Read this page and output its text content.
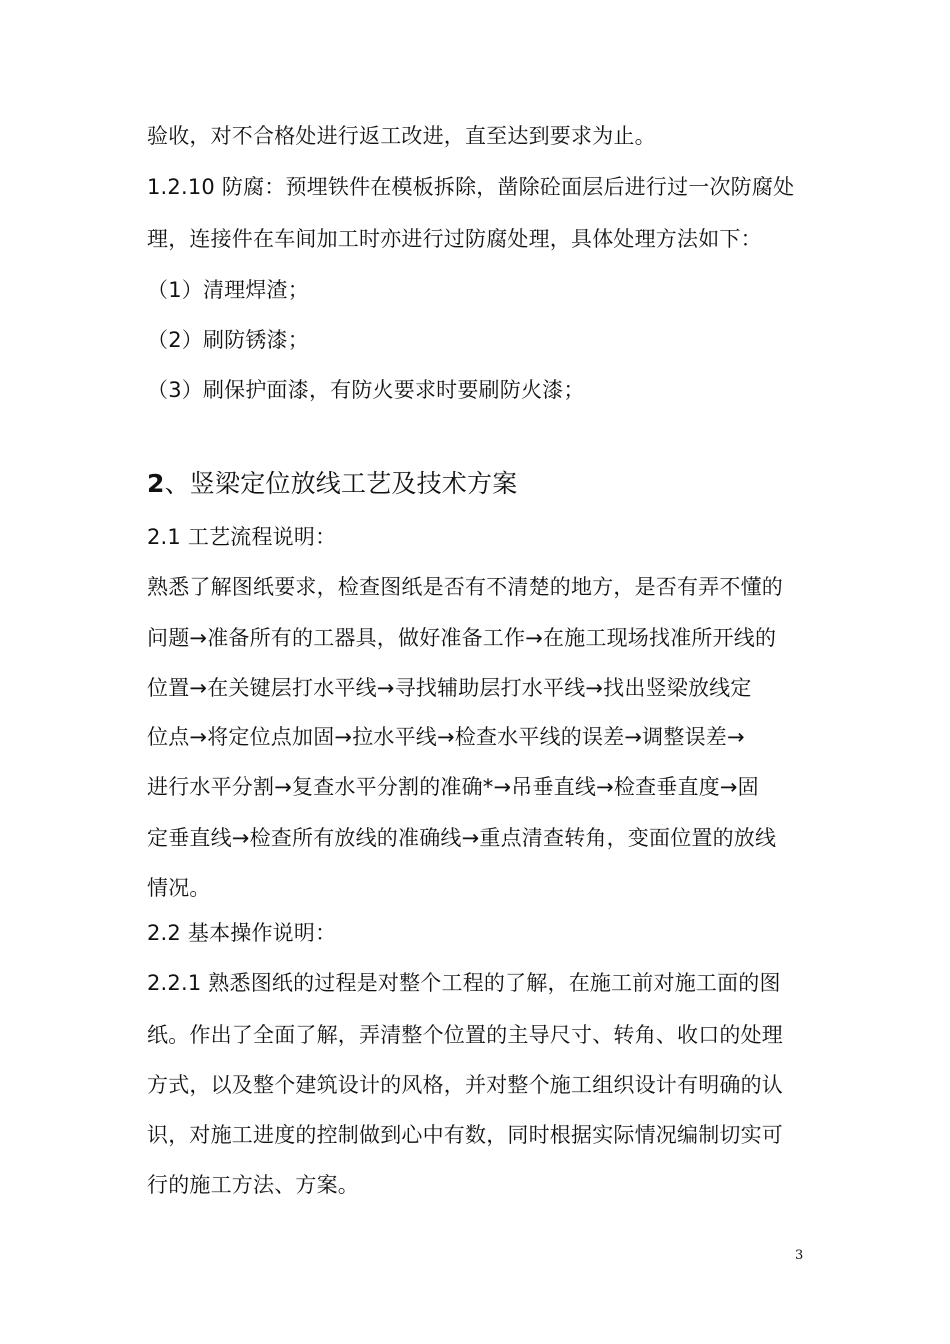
验收，对不合格处进行返工改进，直至达到要求为止。
1.2.10 防腐：预埋铁件在模板拆除，凿除砼面层后进行过一次防腐处
理，连接件在车间加工时亦进行过防腐处理，具体处理方法如下：
（1）清理焊渣；
（2）刷防锈漆；
（3）刷保护面漆，有防火要求时要刷防火漆；
2、竖梁定位放线工艺及技术方案
2.1 工艺流程说明：
熟悉了解图纸要求，检查图纸是否有不清楚的地方，是否有弄不懂的
问题→准备所有的工器具，做好准备工作→在施工现场找准所开线的
位置→在关键层打水平线→寻找辅助层打水平线→找出竖梁放线定
位点→将定位点加固→拉水平线→检查水平线的误差→调整误差→
进行水平分割→复查水平分割的准确*→吊垂直线→检查垂直度→固
定垂直线→检查所有放线的准确线→重点清查转角，变面位置的放线
情况。
2.2 基本操作说明：
2.2.1 熟悉图纸的过程是对整个工程的了解，在施工前对施工面的图
纸。作出了全面了解，弄清整个位置的主导尺寸、转角、收口的处理
方式，以及整个建筑设计的风格，并对整个施工组织设计有明确的认
识，对施工进度的控制做到心中有数，同时根据实际情况编制切实可
行的施工方法、方案。
3
